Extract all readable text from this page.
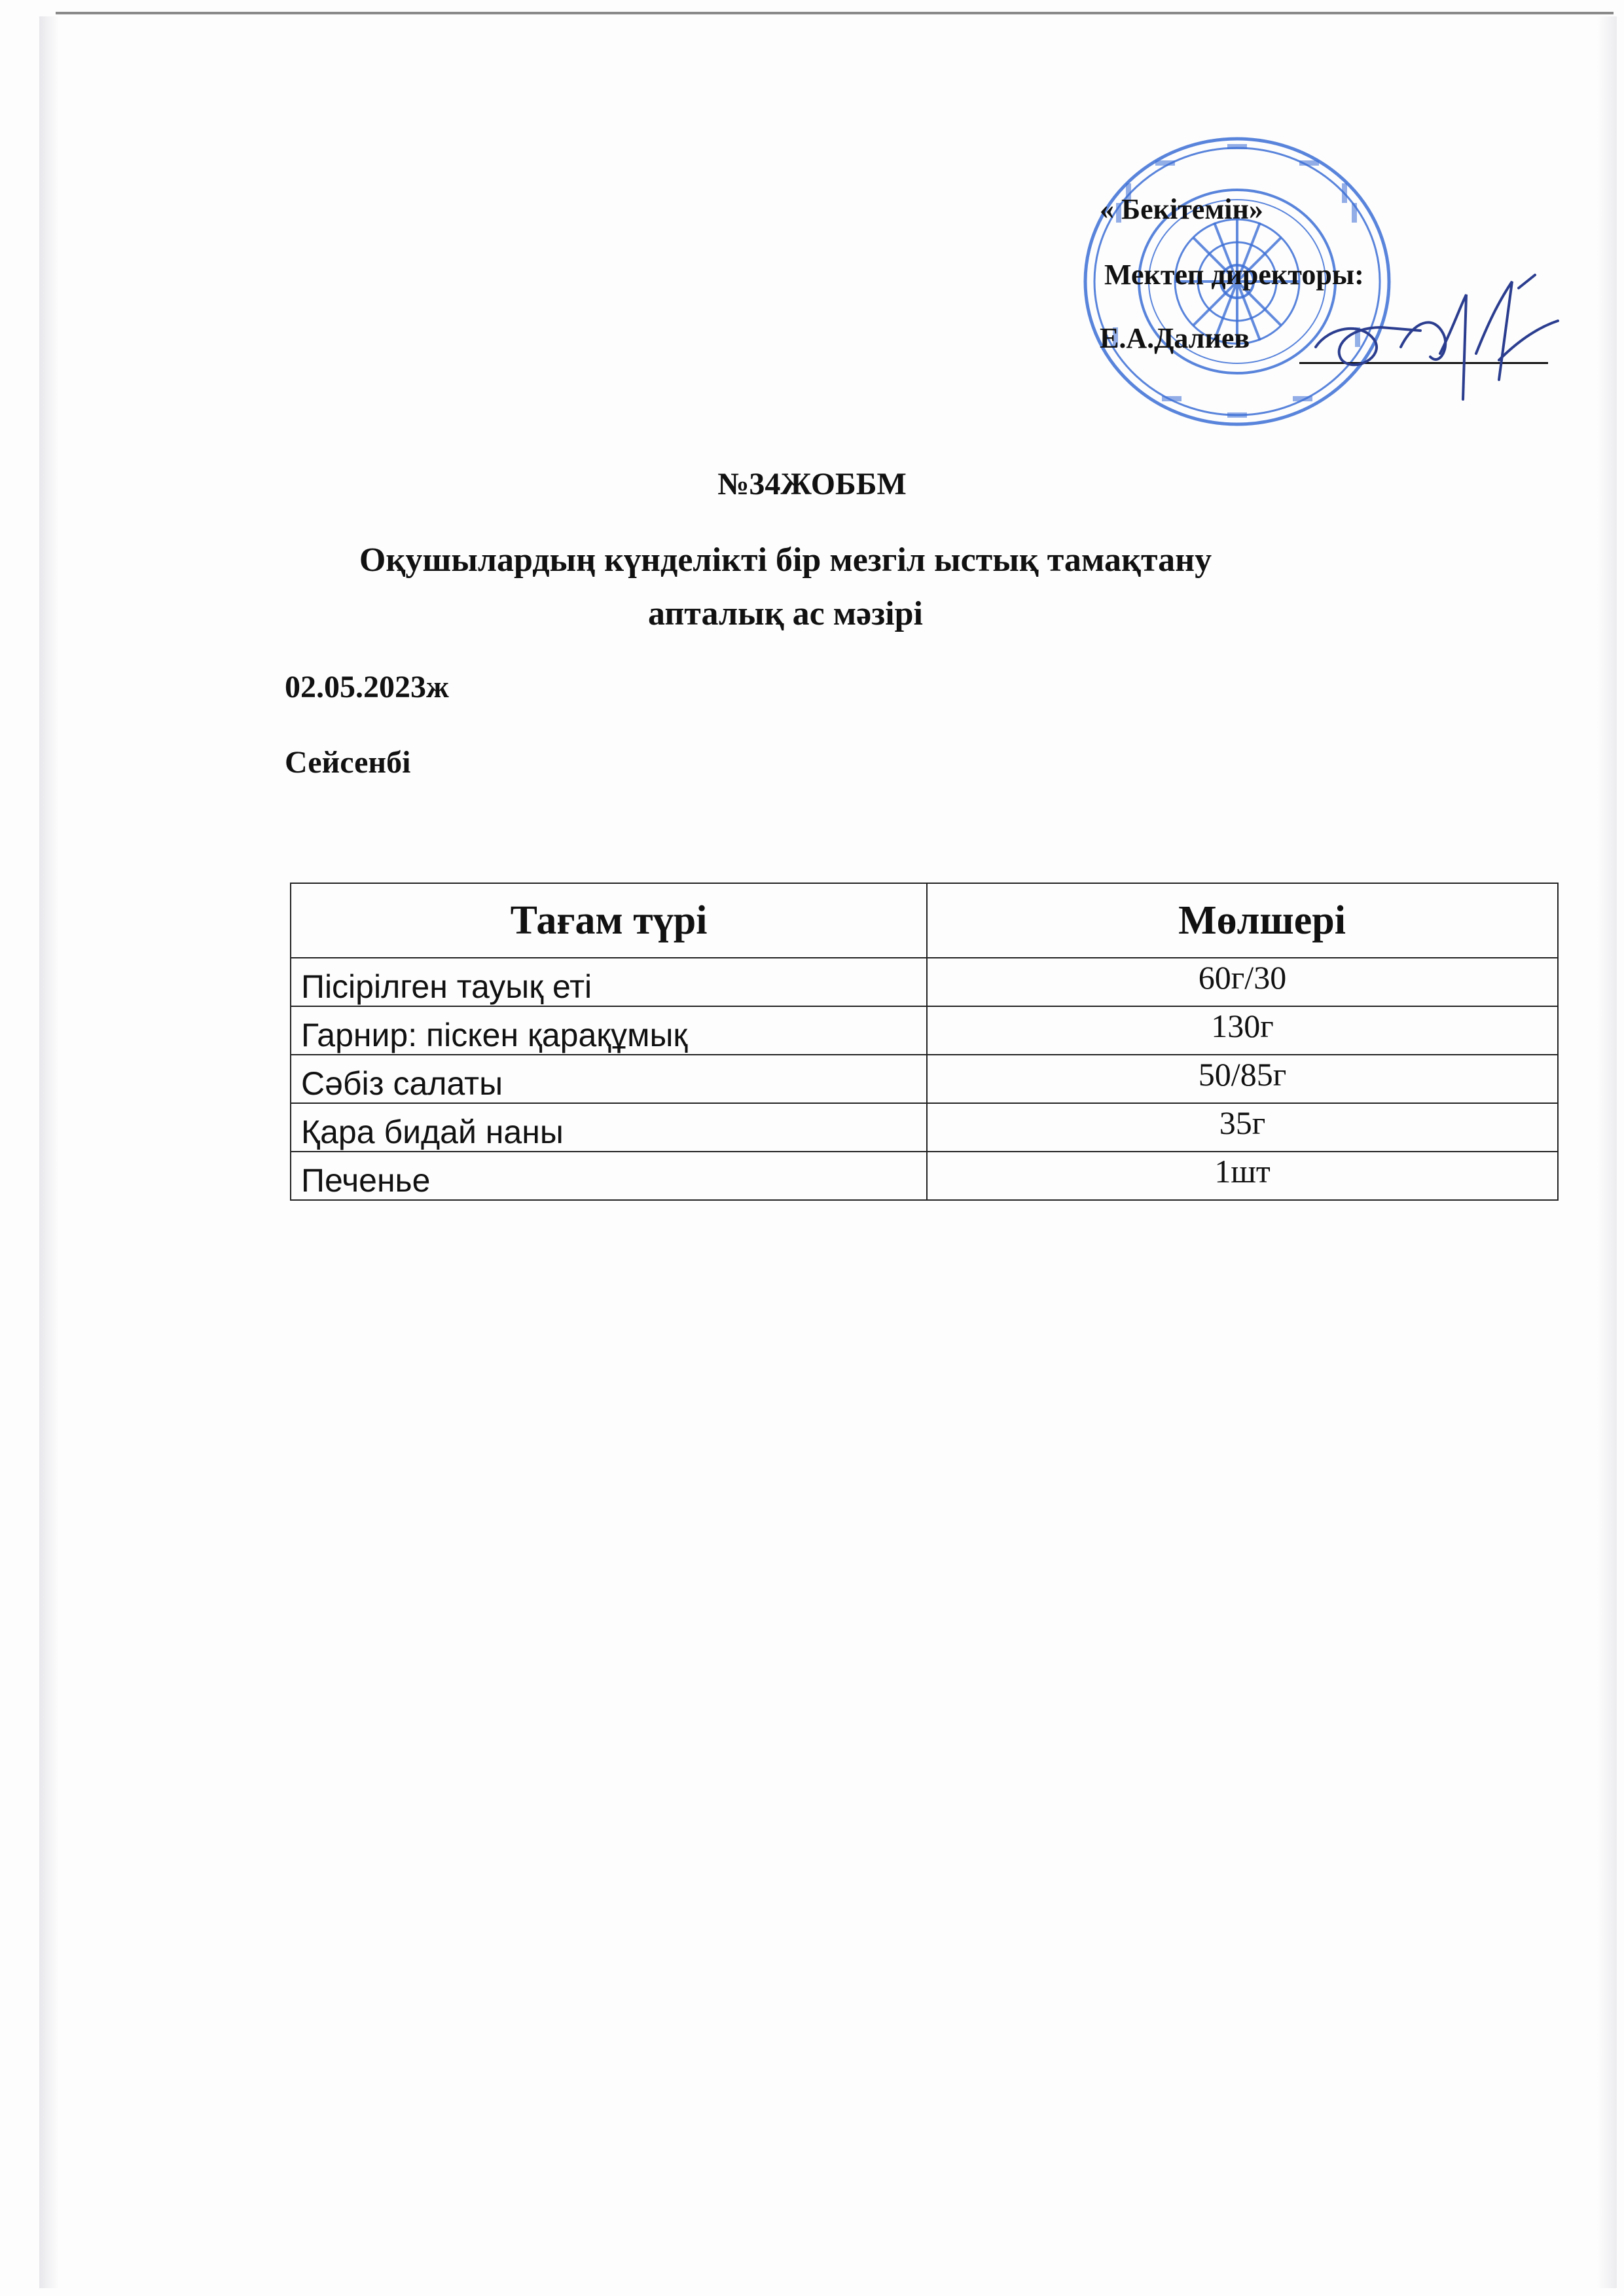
« Бекітемін»
Мектеп директоры:
Е.А.Далиев
№34ЖОББМ
Оқушылардың күнделікті бір мезгіл ыстық тамақтану
апталық ас мәзірі
02.05.2023ж
Сейсенбі
Тағам түрі	Мөлшері
Пісірілген тауық еті	60г/30
Гарнир: піскен қарақұмық	130г
Сәбіз салаты	50/85г
Қара бидай наны	35г
Печенье	1шт
